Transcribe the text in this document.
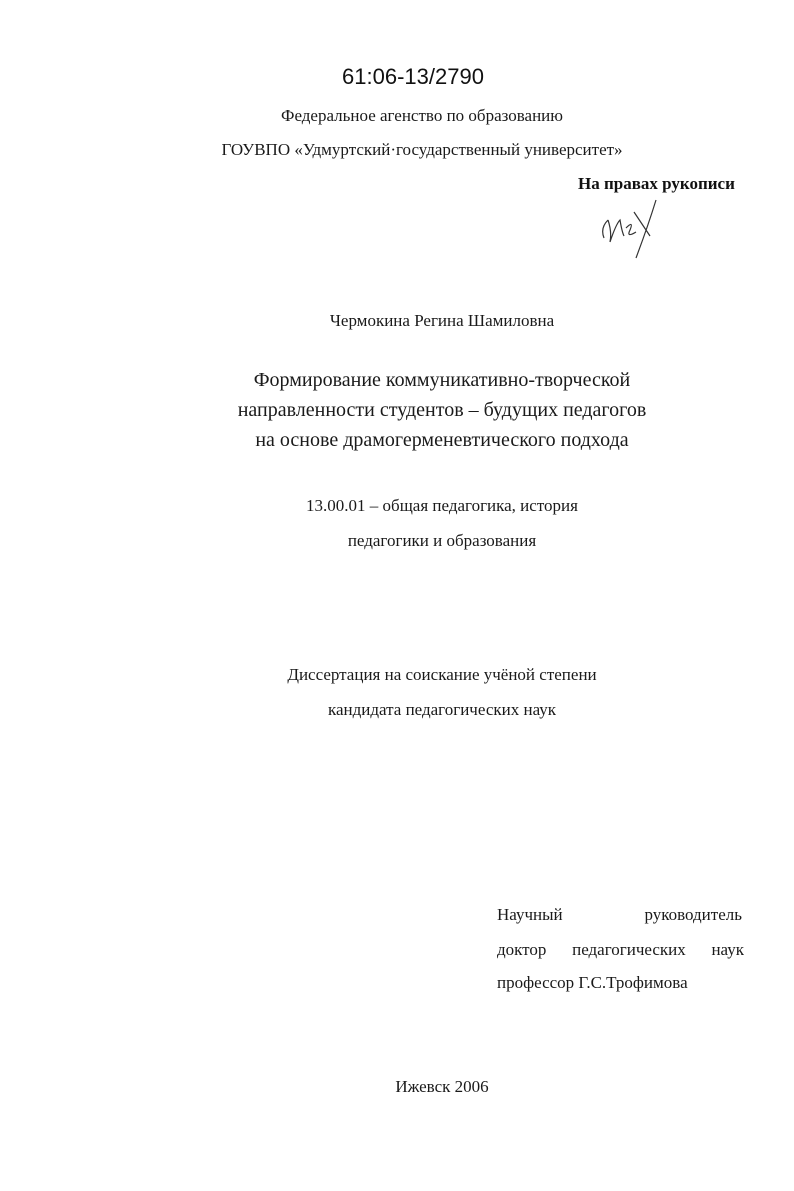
61:06-13/2790
Федеральное агенство по образованию
ГОУВПО «Удмуртский·государственный университет»
На правах рукописи
Чермокина Регина Шамиловна
Формирование коммуникативно-творческой
направленности студентов – будущих педагогов
на основе драмогерменевтического подхода
13.00.01 – общая педагогика, история
педагогики и образования
Диссертация на соискание учёной степени
кандидата педагогических наук
Научный	руководитель
доктор педагогических наук
профессор Г.С.Трофимова
Ижевск 2006
